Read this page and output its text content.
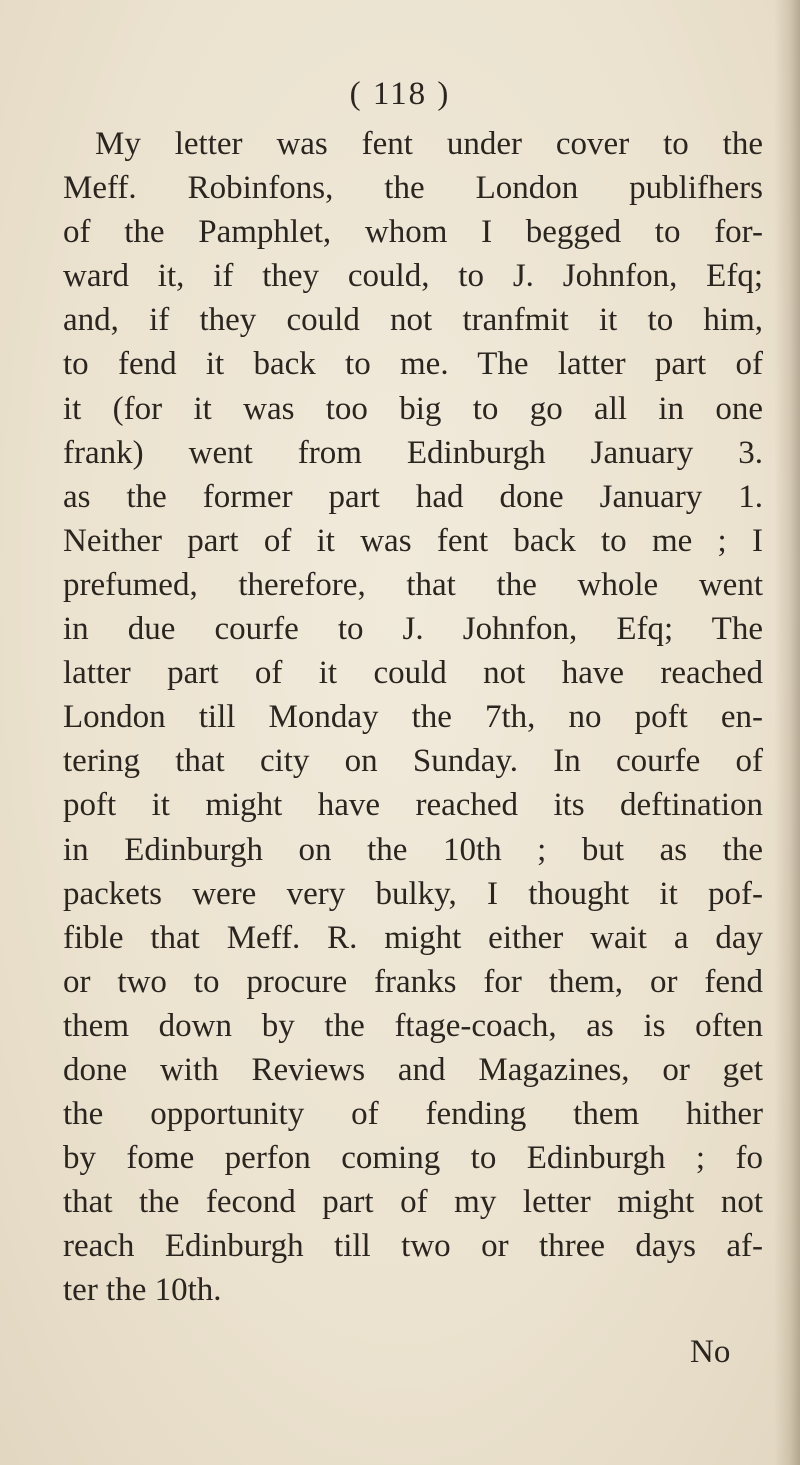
( 118 )
My letter was fent under cover to the
Meff. Robinfons, the London publifhers
of the Pamphlet, whom I begged to for-
ward it, if they could, to J. Johnfon, Efq;
and, if they could not tranfmit it to him,
to fend it back to me. The latter part of
it (for it was too big to go all in one
frank) went from Edinburgh January 3.
as the former part had done January 1.
Neither part of it was fent back to me ; I
prefumed, therefore, that the whole went
in due courfe to J. Johnfon, Efq; The
latter part of it could not have reached
London till Monday the 7th, no poft en-
tering that city on Sunday. In courfe of
poft it might have reached its deftination
in Edinburgh on the 10th ; but as the
packets were very bulky, I thought it pof-
fible that Meff. R. might either wait a day
or two to procure franks for them, or fend
them down by the ftage-coach, as is often
done with Reviews and Magazines, or get
the opportunity of fending them hither
by fome perfon coming to Edinburgh ; fo
that the fecond part of my letter might not
reach Edinburgh till two or three days af-
ter the 10th.
No
